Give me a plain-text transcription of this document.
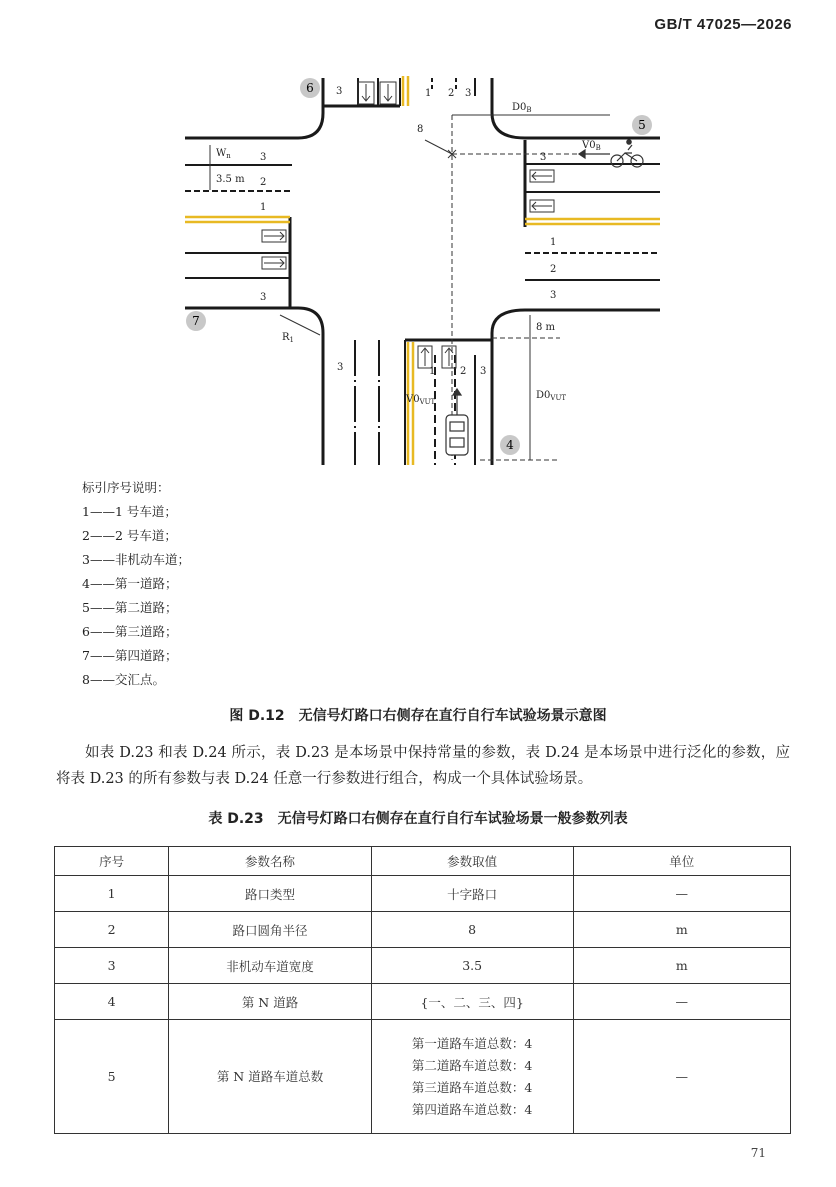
GB/T 47025—2026
6
5
7
4
3	1 2 3
3
2
1
3
3
1
2
3
3	1 2 3
$W_n$
3.5 m
$R_1$
$D0_B$
$V0_B$
$V0_{VUT}$
$D0_{VUT}$
8 m
8
标引序号说明：
1——1 号车道；
2——2 号车道；
3——非机动车道；
4——第一道路；
5——第二道路；
6——第三道路；
7——第四道路；
8——交汇点。
图 D.12　无信号灯路口右侧存在直行自行车试验场景示意图
如表 D.23 和表 D.24 所示，表 D.23 是本场景中保持常量的参数，表 D.24 是本场景中进行泛化的参数，应将表 D.23 的所有参数与表 D.24 任意一行参数进行组合，构成一个具体试验场景。
表 D.23　无信号灯路口右侧存在直行自行车试验场景一般参数列表
序号	参数名称	参数取值	单位
1	路口类型	十字路口	—
2	路口圆角半径	8	m
3	非机动车道宽度	3.5	m
4	第 N 道路	{一、二、三、四}	—
5	第 N 道路车道总数	第一道路车道总数：4
第二道路车道总数：4
第三道路车道总数：4
第四道路车道总数：4	—
71
